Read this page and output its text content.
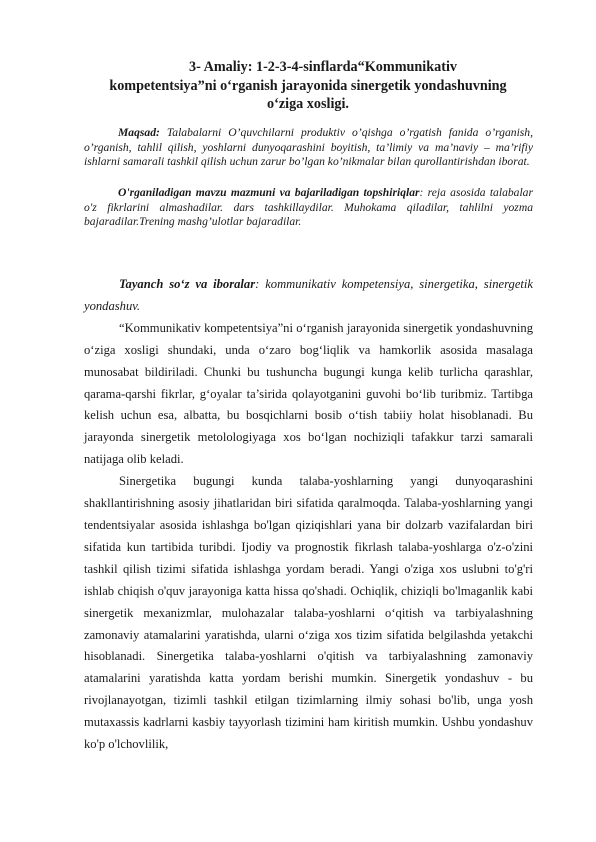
3- Amaliy: 1-2-3-4-sinflarda“Kommunikativ
kompetentsiya”ni o‘rganish jarayonida sinergetik yondashuvning
o‘ziga xosligi.

Maqsad: Talabalarni O’quvchilarni produktiv o’qishga o’rgatish fanida o’rganish, o’rganish, tahlil qilish, yoshlarni dunyoqarashini boyitish, ta’limiy va ma’naviy – ma’rifiy ishlarni samarali tashkil qilish uchun zarur bo’lgan ko’nikmalar bilan qurollantirishdan iborat.

O'rganiladigan mavzu mazmuni va bajariladigan topshiriqlar: reja asosida talabalar o'z fikrlarini almashadilar. dars tashkillaydilar. Muhokama qiladilar, tahlilni yozma bajaradilar.Trening mashg’ulotlar bajaradilar.

Tayanch so‘z va iboralar: kommunikativ kompetensiya, sinergetika, sinergetik yondashuv.

“Kommunikativ kompetentsiya”ni o‘rganish jarayonida sinergetik yondashuvning o‘ziga xosligi shundaki, unda o‘zaro bog‘liqlik va hamkorlik asosida masalaga munosabat bildiriladi. Chunki bu tushuncha bugungi kunga kelib turlicha qarashlar, qarama-qarshi fikrlar, g‘oyalar ta’sirida qolayotganini guvohi bo‘lib turibmiz. Tartibga kelish uchun esa, albatta, bu bosqichlarni bosib o‘tish tabiiy holat hisoblanadi. Bu jarayonda sinergetik metolologiyaga xos bo‘lgan nochiziqli tafakkur tarzi samarali natijaga olib keladi.

Sinergetika bugungi kunda talaba-yoshlarning yangi dunyoqarashini shakllantirishning asosiy jihatlaridan biri sifatida qaralmoqda. Talaba-yoshlarning yangi tendentsiyalar asosida ishlashga bo'lgan qiziqishlari yana bir dolzarb vazifalardan biri sifatida kun tartibida turibdi. Ijodiy va prognostik fikrlash talaba-yoshlarga o'z-o'zini tashkil qilish tizimi sifatida ishlashga yordam beradi. Yangi o'ziga xos uslubni to'g'ri ishlab chiqish o'quv jarayoniga katta hissa qo'shadi. Ochiqlik, chiziqli bo'lmaganlik kabi sinergetik mexanizmlar, mulohazalar talaba-yoshlarni o‘qitish va tarbiyalashning zamonaviy atamalarini yaratishda, ularni o‘ziga xos tizim sifatida belgilashda yetakchi hisoblanadi. Sinergetika talaba-yoshlarni o'qitish va tarbiyalashning zamonaviy atamalarini yaratishda katta yordam berishi mumkin. Sinergetik yondashuv - bu rivojlanayotgan, tizimli tashkil etilgan tizimlarning ilmiy sohasi bo'lib, unga yosh mutaxassis kadrlarni kasbiy tayyorlash tizimini ham kiritish mumkin. Ushbu yondashuv ko'p o'lchovlilik,
